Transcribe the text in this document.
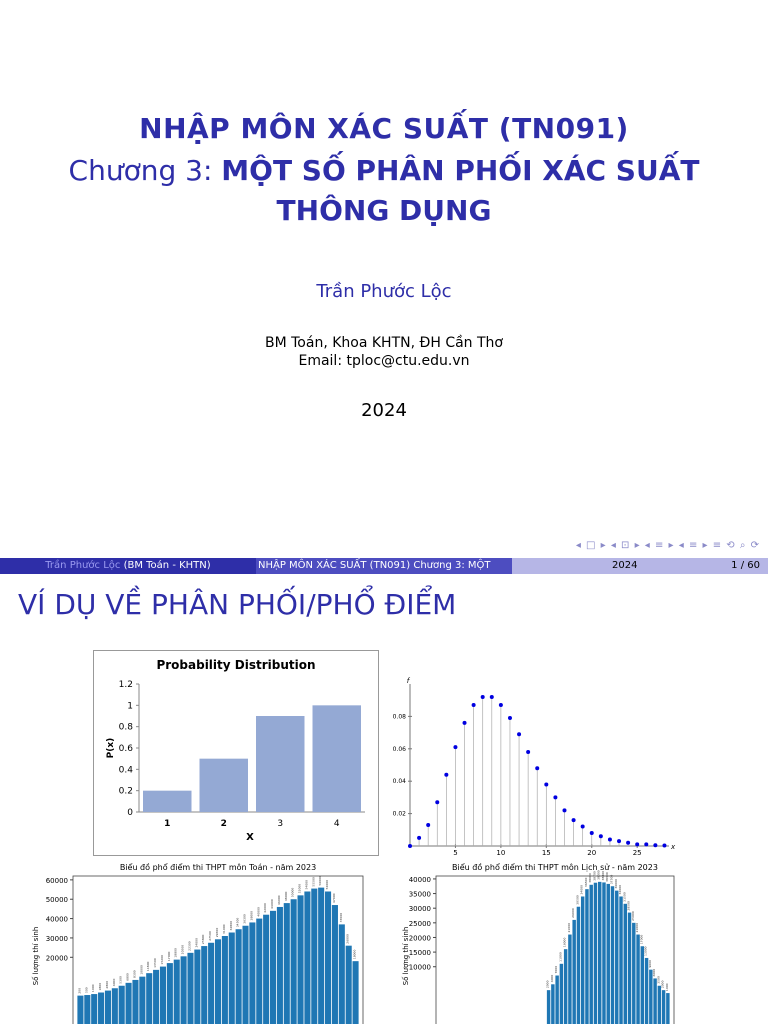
NHẬP MÔN XÁC SUẤT (TN091)
Chương 3: MỘT SỐ PHÂN PHỐI XÁC SUẤT
THÔNG DỤNG
Trần Phước Lộc
BM Toán, Khoa KHTN, ĐH Cần Thơ
Email: tploc@ctu.edu.vn
2024
◂ □ ▸ ◂ ⊡ ▸ ◂ ≡ ▸ ◂ ≡ ▸ ≡ ⟲ ⌕ ⟳
Trần Phước Lộc (BM Toán - KHTN)	NHẬP MÔN XÁC SUẤT (TN091) Chương 3: MỘT	2024	1 / 60
VÍ DỤ VỀ PHÂN PHỐI/PHỔ ĐIỂM
Probability Distribution
0
0.2
0.4
0.6
0.8
1
1.2
1	2	3	4
X
P(x)
f
x
0.02
0.04
0.06
0.08
5	10	15	20	25
Biểu đồ phổ điểm thi THPT môn Toán - năm 2023
20000
30000
40000
50000
60000
Số lượng thí sinh
200 500 1000 1800 2800 4000 5300 6800 8300 10000 11800 13500 15200 17000 18800 20500 22300 24000 25800 27500 29300 31000 32800 34500 36300 38000 40000 42000 44000 46000 48000 50000 52000 54000 55500 56000 54000
47000
37000
26000
18000
Biểu đồ phổ điểm thi THPT môn Lịch sử - năm 2023
10000
15000
20000
25000
30000
35000
40000
Số lượng thí sinh	2000
4000
7000
11000
16000
21000
26000
30500
34000
36500 38000 38700 39000 38800 38300 37500 36000
34000
31500
28500
25000
21000
17000
13000
9000
6000
3500
2000 1000
